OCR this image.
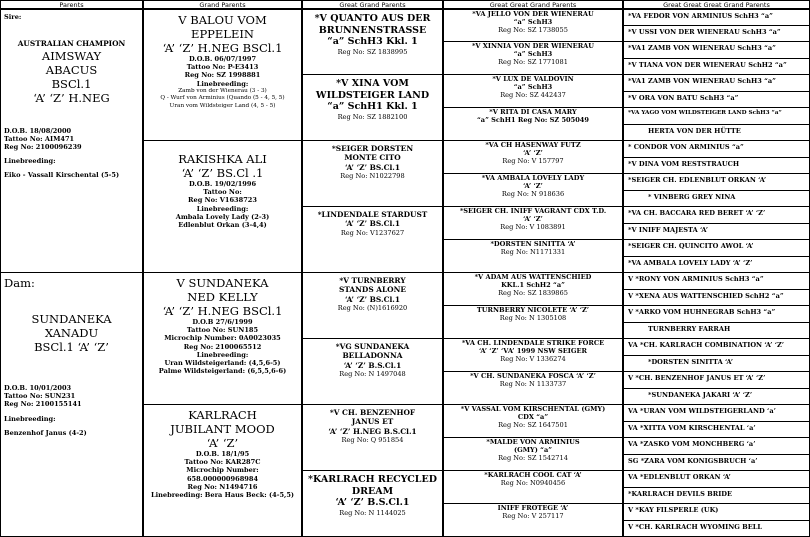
Parents
Sire:
AUSTRALIAN CHAMPION
AIMSWAY
ABACUS
BSCl.1
‘A’ ‘Z’ H.NEG
D.O.B. 18/08/2000
Tattoo No: AIM471
Reg No: 2100096239
Linebreeding:
Eiko - Vassall Kirschental (5-5)
Dam:
SUNDANEKA
XANADU
BSCl.1 ‘A’ ‘Z’
D.O.B. 10/01/2003
Tattoo No: SUN231
Reg No: 2100155141
Linebreeding:
Benzenhof Janus (4-2)
Grand Parents
V BALOU VOM
EPPELEIN
‘A’ ‘Z’ H.NEG BSCl.1
D.O.B. 06/07/1997
Tattoo No: P-E3413
Reg No: SZ 1998881
Linebreeding:
Zamb von der Wienerau (3 - 3)
Q - Wurf von Arminius (Quando (5 - 4, 5, 5)
Uran vom Wildsteiger Land (4, 5 - 5)
RAKISHKA ALI
‘A’ ‘Z’ BS.Cl .1
D.O.B. 19/02/1996
Tattoo No:
Reg No: V1638723
Linebreeding:
Ambala Lovely Lady (2-3)
Edlenblut Orkan (3-4,4)
V SUNDANEKA
NED KELLY
‘A’ ‘Z’ H.NEG BSCl.1
D.O.B 27/6/1999
Tattoo No: SUN185
Microchip Number: 0A0023035
Reg No: 2100065512
Linebreeding:
Uran Wildsteigerland: (4,5,6-5)
Palme Wildsteigerland: (6,5,5,6-6)
KARLRACH
JUBILANT MOOD
‘A’ ‘Z’
D.O.B. 18/1/95
Tattoo No: KAR287C
Microchip Number:
658.000000968984
Reg No: N1494716
Linebreeding: Bera Haus Beck: (4-5,5)
Great Grand Parents
*V QUANTO AUS DER
BRUNNENSTRASSE
“a” SchH3 Kkl. 1
Reg No: SZ 1838995
*V XINA VOM
WILDSTEIGER LAND
“a” SchH1 Kkl. 1
Reg No: SZ 1882100
*SEIGER DORSTEN
MONTE CITO
‘A’ ‘Z’ BS.Cl.1
Reg No: N1022798
*LINDENDALE STARDUST
‘A’ ‘Z’ BS.Cl.1
Reg No: V1237627
*V TURNBERRY
STANDS ALONE
‘A’ ‘Z’ BS.Cl.1
Reg No: (N)1616920
*VG SUNDANEKA
BELLADONNA
‘A’ ‘Z’ B.S.Cl.1
Reg No: N 1497048
*V CH. BENZENHOF
JANUS ET
‘A’ ‘Z’ H.NEG B.S.Cl.1
Reg No: Q 951854
*KARLRACH RECYCLED
DREAM
‘A’ ‘Z’ B.S.Cl.1
Reg No: N 1144025
Great Great Grand Parents
*VA JELLO VON DER WIENERAU
“a” SchH3
Reg No: SZ 1738055
*V XINNIA VON DER WIENERAU
“a” SchH3
Reg No: SZ 1771081
*V LUX DE VALDOVIN
“a” SchH3
Reg No: SZ 442437
*V RITA DI CASA MARY
“a” SchH1 Reg No: SZ 505049
*VA CH HASENWAY FUTZ
‘A’ ‘Z’
Reg No: V 157797
*VA AMBALA LOVELY LADY
‘A’ ‘Z’
Reg No: N 918636
*SEIGER CH. INIFF VAGRANT CDX T.D.
‘A’ ‘Z’
Reg No: V 1083891
*DORSTEN SINITTA ‘A’
Reg No: N1171331
*V ADAM AUS WATTENSCHIED
KKL.1 SchH2 “a”
Reg No: SZ 1839865
TURNBERRY NICOLETE ‘A’ ‘Z’
Reg No: N 1305108
*VA CH. LINDENDALE STRIKE FORCE
‘A’ ‘Z’ ‘VA’ 1999 NSW SEIGER
Reg No: V 1336274
*V CH. SUNDANEKA FOSCA ‘A’ ‘Z’
Reg No: N 1133737
*V VASSAL VOM KIRSCHENTAL (GMY)
CDX “a”
Reg No: SZ 1647501
*MALDE VON ARMINIUS
(GMY) “a”
Reg No: SZ 1542714
*KARLRACH COOL CAT ‘A’
Reg No: N0940456
INIFF FROTEGE ‘A’
Reg No: V 257117
Great Great Great Grand Parents
*VA FEDOR VON ARMINIUS SchH3 “a”
*V USSI VON DER WIENERAU SchH3 “a”
*VA1 ZAMB VON WIENERAU SchH3 “a”
*V TIANA VON DER WIENERAU SchH2 “a”
*VA1 ZAMB VON WIENERAU SchH3 “a”
*V ORA VON BATU SchH3 “a”
*VA YAGO VOM WILDSTEIGER LAND SchH3 “a”
HERTA VON DER HÜTTE
* CONDOR VON ARMINIUS “a”
*V DINA VOM RESTSTRAUCH
*SEIGER CH. EDLENBLUT ORKAN ‘A’
* VINBERG GREY NINA
*VA CH. BACCARA RED BERET ‘A’ ‘Z’
*V INIFF MAJESTA ‘A’
*SEIGER CH. QUINCITO AWOL ‘A’
*VA AMBALA LOVELY LADY ‘A’ ‘Z’
V *RONY VON ARMINIUS SchH3 “a”
V *XENA AUS WATTENSCHIED SchH2 “a”
V *ARKO VOM HUHNEGRAB SchH3 “a”
TURNBERRY FARRAH
VA *CH. KARLRACH COMBINATION ‘A’ ‘Z’
*DORSTEN SINITTA ‘A’
V *CH. BENZENHOF JANUS ET ‘A’ ‘Z’
*SUNDANEKA JAKARI ‘A’ ‘Z’
VA *URAN VOM WILDSTEIGERLAND ‘a’
VA *XITTA VOM KIRSCHENTAL ‘a’
VA *ZASKO VOM MONCHBERG ‘a’
SG *ZARA VOM KONIGSBRUCH ‘a’
VA *EDLENBLUT ORKAN ‘A’
*KARLRACH DEVILS BRIDE
V *KAY FILSPERLE (UK)
V *CH. KARLRACH WYOMING BELL
